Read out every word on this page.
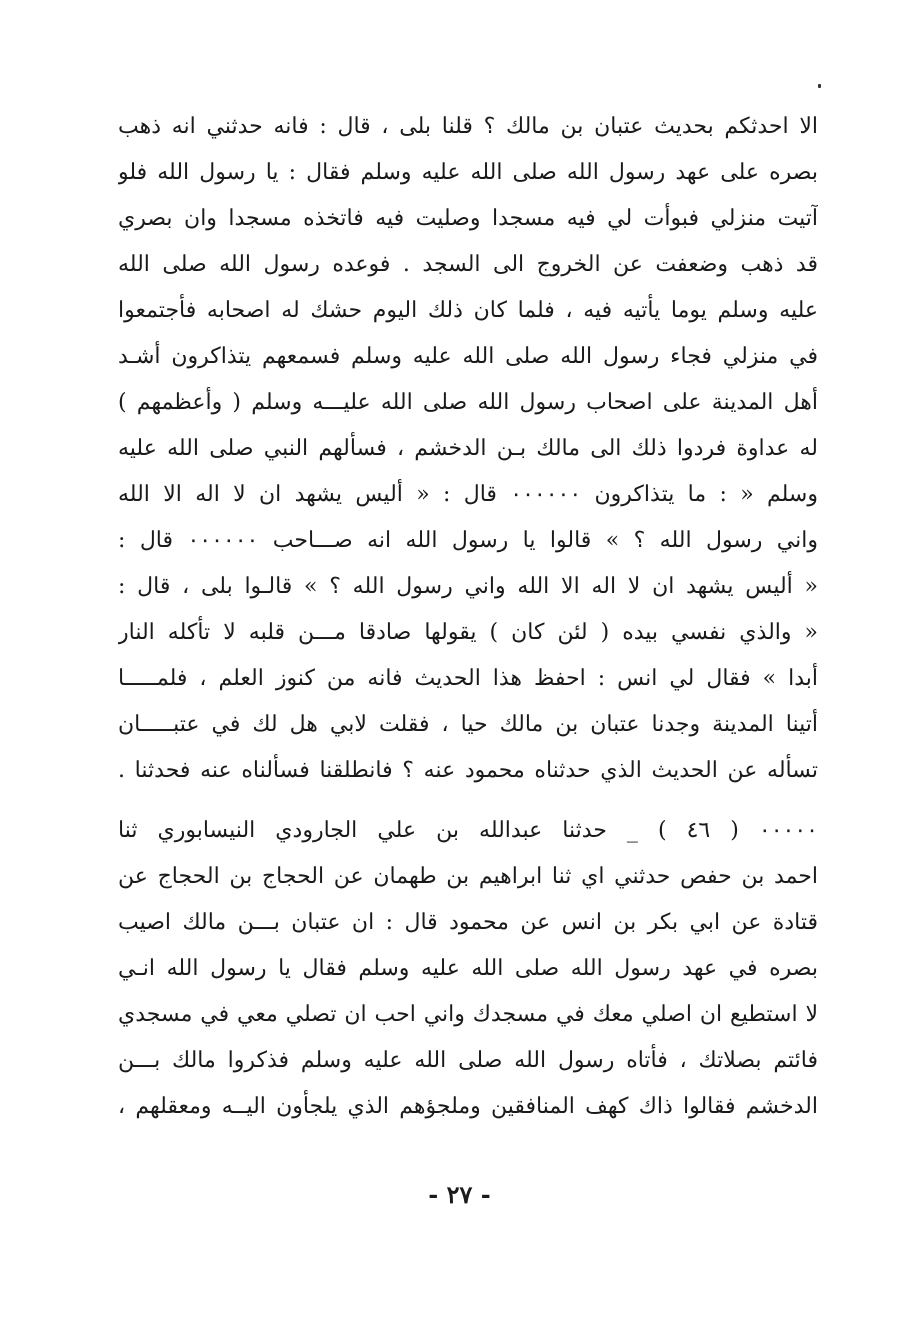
الا احدثكم بحديث عتبان بن مالك ؟ قلنا بلى ، قال : فانه حدثني انه ذهب
بصره على عهد رسول الله صلى الله عليه وسلم فقال : يا رسول الله فلو
آتيت منزلي فبوأت لي فيه مسجدا وصليت فيه فاتخذه مسجدا وان بصري
قد ذهب وضعفت عن الخروج الى السجد . فوعده رسول الله صلى الله
عليه وسلم يوما يأتيه فيه ، فلما كان ذلك اليوم حشك له اصحابه فأجتمعوا
في منزلي فجاء رسول الله صلى الله عليه وسلم فسمعهم يتذاكرون أشـد
أهل المدينة على اصحاب رسول الله صلى الله عليـــه وسلم ( وأعظمهم )
له عداوة فردوا ذلك الى مالك بـن الدخشم ، فسألهم النبي صلى الله عليه
وسلم « : ما يتذاكرون ٠٠٠٠٠٠ قال : « أليس يشهد ان لا اله الا الله
واني رسول الله ؟ » قالوا يا رسول الله انه صـــاحب ٠٠٠٠٠٠ قال :
« أليس يشهد ان لا اله الا الله واني رسول الله ؟ » قالـوا بلى ، قال :
« والذي نفسي بيده ( لئن كان ) يقولها صادقا مـــن قلبه لا تأكله النار
أبدا » فقال لي انس : احفظ هذا الحديث فانه من كنوز العلم ، فلمـــــا
أتينا المدينة وجدنا عتبان بن مالك حيا ، فقلت لابي هل لك في عتبـــــان
تسأله عن الحديث الذي حدثناه محمود عنه ؟ فانطلقنا فسألناه عنه فحدثنا .
٠٠٠٠٠ ( ٤٦ ) _ حدثنا عبدالله بن علي الجارودي النيسابوري ثنا
احمد بن حفص حدثني اي ثنا ابراهيم بن طهمان عن الحجاج بن الحجاج عن
قتادة عن ابي بكر بن انس عن محمود قال : ان عتبان بـــن مالك اصيب
بصره في عهد رسول الله صلى الله عليه وسلم فقال يا رسول الله انـي
لا استطيع ان اصلي معك في مسجدك واني احب ان تصلي معي في مسجدي
فائتم بصلاتك ، فأتاه رسول الله صلى الله عليه وسلم فذكروا مالك بـــن
الدخشم فقالوا ذاك كهف المنافقين وملجؤهم الذي يلجأون اليــه ومعقلهم ،
- ٢٧ -
